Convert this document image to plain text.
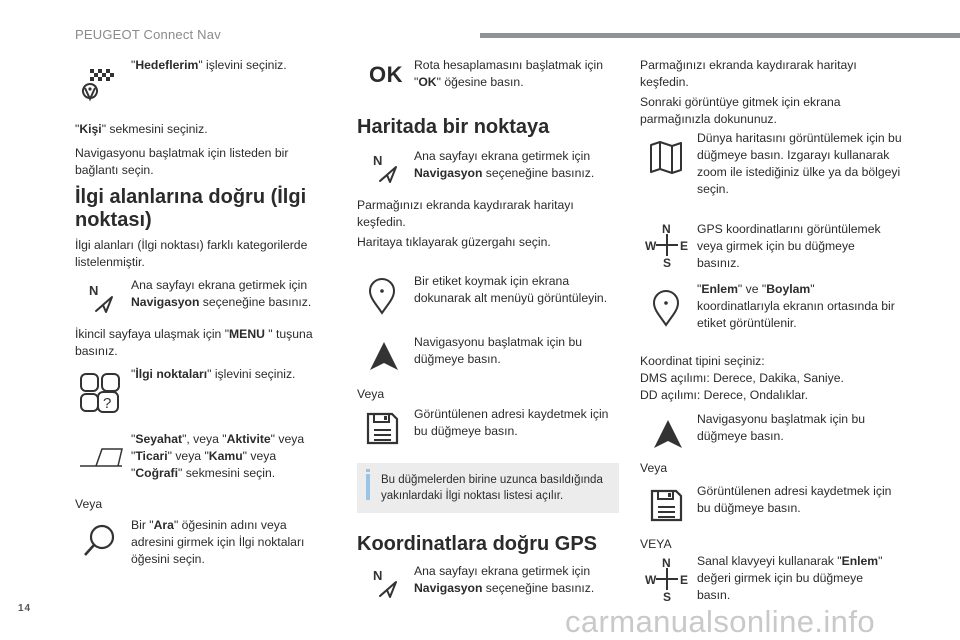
PEUGEOT Connect Nav

"Hedeflerim" işlevini seçiniz.

"Kişi" sekmesini seçiniz.

Navigasyonu başlatmak için listeden bir bağlantı seçin.

İlgi alanlarına doğru (İlgi noktası)

İlgi alanları (İlgi noktası) farklı kategorilerde listelenmiştir.

N	Ana sayfayı ekrana getirmek için Navigasyon seçeneğine basınız.

İkincil sayfaya ulaşmak için "MENU " tuşuna basınız.

?

"İlgi noktaları" işlevini seçiniz.

"Seyahat", veya "Aktivite" veya "Ticari" veya "Kamu" veya "Coğrafi" sekmesini seçin.

Veya

Bir "Ara" öğesinin adını veya adresini girmek için İlgi noktaları öğesini seçin.

OK Rota hesaplamasını başlatmak için "OK" öğesine basın.

Haritada bir noktaya
N	Ana sayfayı ekrana getirmek için Navigasyon seçeneğine basınız.

Parmağınızı ekranda kaydırarak haritayı keşfedin.

Haritaya tıklayarak güzergahı seçin.

Bir etiket koymak için ekrana dokunarak alt menüyü görüntüleyin.

Navigasyonu başlatmak için bu düğmeye basın.

Veya

Görüntülenen adresi kaydetmek için bu düğmeye basın.

Bu düğmelerden birine uzunca basıldığında yakınlardaki İlgi noktası listesi açılır.
Koordinatlara doğru GPS
N	Ana sayfayı ekrana getirmek için Navigasyon seçeneğine basınız.

Parmağınızı ekranda kaydırarak haritayı keşfedin.

Sonraki görüntüye gitmek için ekrana parmağınızla dokununuz.

Dünya haritasını görüntülemek için bu düğmeye basın. Izgarayı kullanarak zoom ile istediğiniz ülke ya da bölgeyi seçin.

N
W E
S

GPS koordinatlarını görüntülemek veya girmek için bu düğmeye basınız.

"Enlem" ve "Boylam" koordinatlarıyla ekranın ortasında bir etiket görüntülenir.

Koordinat tipini seçiniz:

DMS açılımı: Derece, Dakika, Saniye.

DD açılımı: Derece, Ondalıklar.

Navigasyonu başlatmak için bu düğmeye basın.

Veya

Görüntülenen adresi kaydetmek için bu düğmeye basın.

VEYA

N
W E
S

Sanal klavyeyi kullanarak "Enlem" değeri girmek için bu düğmeye basın.

14	carmanualsonline.info
